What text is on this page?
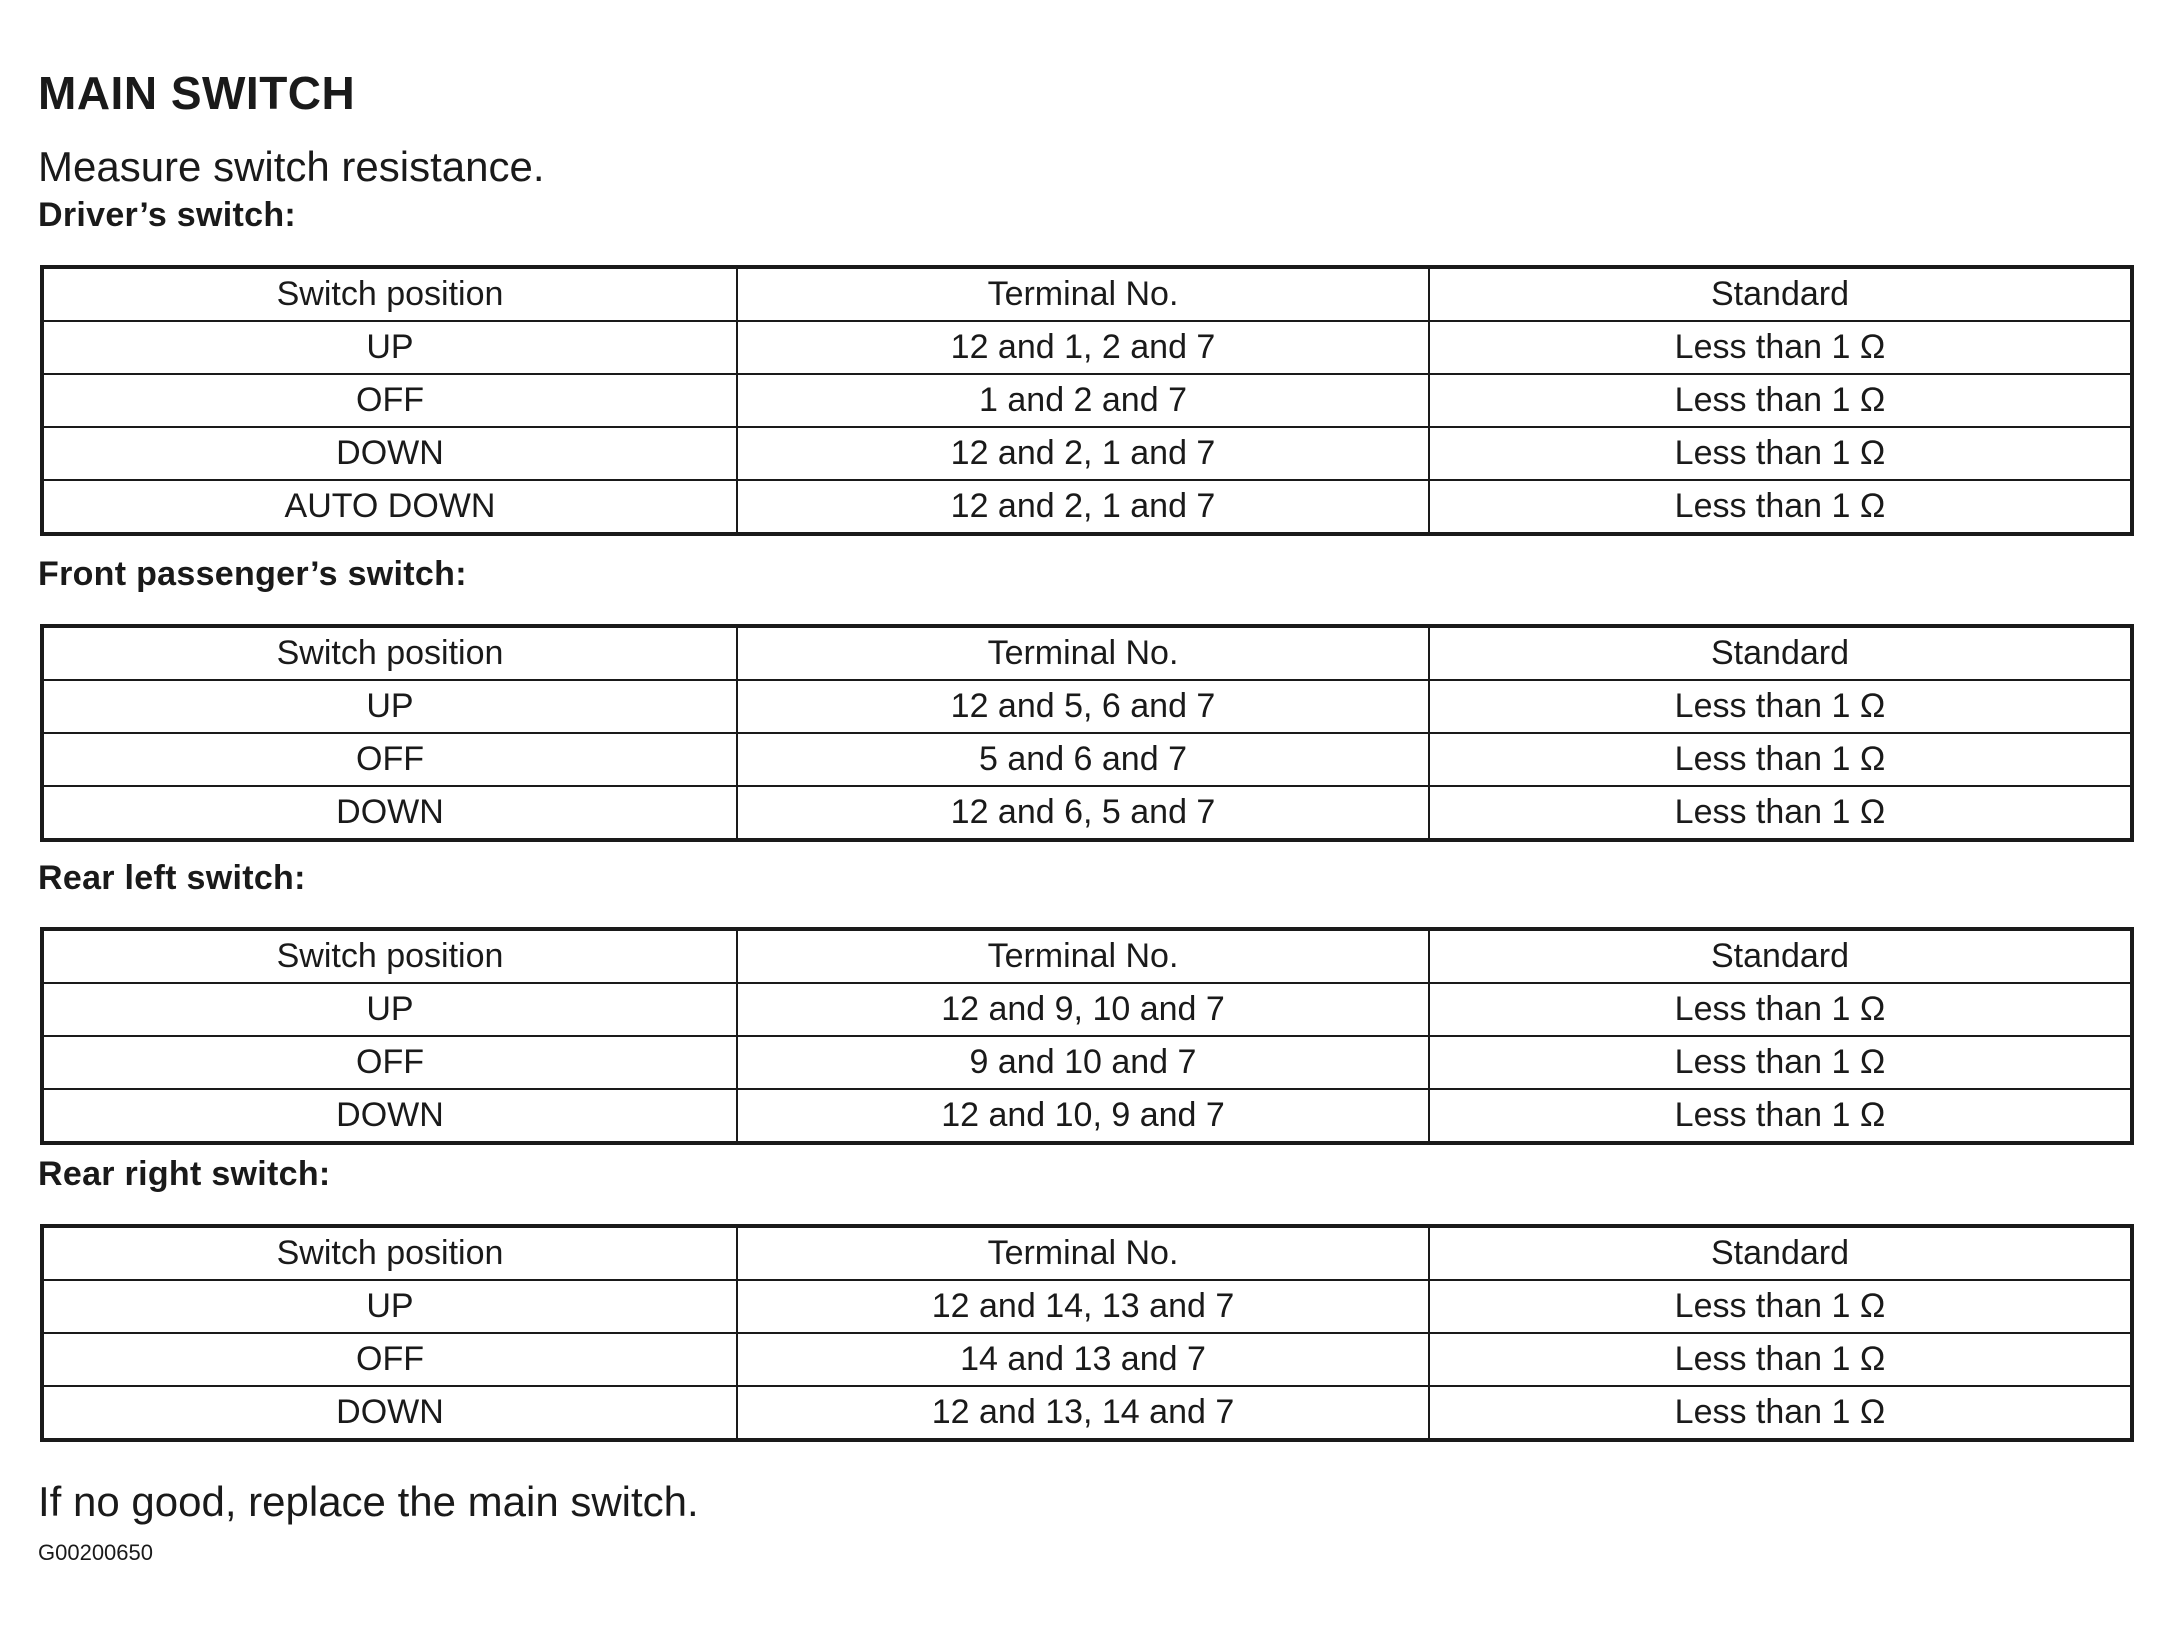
MAIN SWITCH
Measure switch resistance.
Driver’s switch:
Switch position	Terminal No.	Standard
UP	12 and 1, 2 and 7	Less than 1 Ω
OFF	1 and 2 and 7	Less than 1 Ω
DOWN	12 and 2, 1 and 7	Less than 1 Ω
AUTO DOWN	12 and 2, 1 and 7	Less than 1 Ω
Front passenger’s switch:
Switch position	Terminal No.	Standard
UP	12 and 5, 6 and 7	Less than 1 Ω
OFF	5 and 6 and 7	Less than 1 Ω
DOWN	12 and 6, 5 and 7	Less than 1 Ω
Rear left switch:
Switch position	Terminal No.	Standard
UP	12 and 9, 10 and 7	Less than 1 Ω
OFF	9 and 10 and 7	Less than 1 Ω
DOWN	12 and 10, 9 and 7	Less than 1 Ω
Rear right switch:
Switch position	Terminal No.	Standard
UP	12 and 14, 13 and 7	Less than 1 Ω
OFF	14 and 13 and 7	Less than 1 Ω
DOWN	12 and 13, 14 and 7	Less than 1 Ω
If no good, replace the main switch.
G00200650
